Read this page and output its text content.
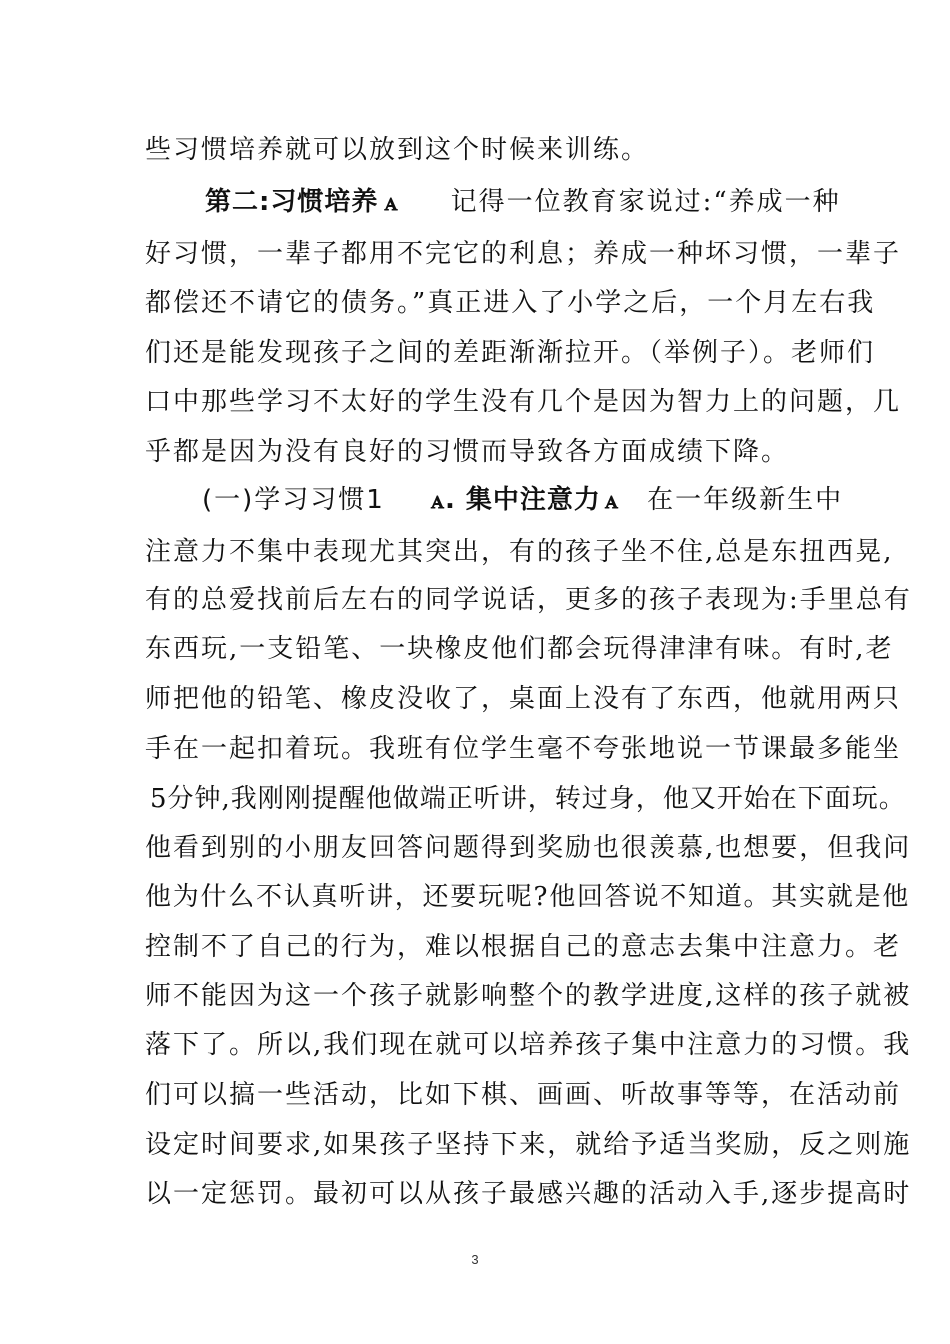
些习惯培养就可以放到这个时候来训练。
第二:习惯培养 ꭺ 记得一位教育家说过:“养成一种
好习惯，一辈子都用不完它的利息；养成一种坏习惯，一辈子
都偿还不请它的债务。”真正进入了小学之后，一个月左右我
们还是能发现孩子之间的差距渐渐拉开。（举例子）。老师们
口中那些学习不太好的学生没有几个是因为智力上的问题，几
乎都是因为没有良好的习惯而导致各方面成绩下降。
(一)学习习惯1 ꭺ. 集中注意力 ꭺ 在一年级新生中
注意力不集中表现尤其突出，有的孩子坐不住,总是东扭西晃,
有的总爱找前后左右的同学说话，更多的孩子表现为:手里总有
东西玩,一支铅笔、一块橡皮他们都会玩得津津有味。有时,老
师把他的铅笔、橡皮没收了，桌面上没有了东西，他就用两只
手在一起扣着玩。我班有位学生毫不夸张地说一节课最多能坐
5分钟,我刚刚提醒他做端正听讲，转过身，他又开始在下面玩。
他看到别的小朋友回答问题得到奖励也很羡慕,也想要，但我问
他为什么不认真听讲，还要玩呢?他回答说不知道。其实就是他
控制不了自己的行为，难以根据自己的意志去集中注意力。老
师不能因为这一个孩子就影响整个的教学进度,这样的孩子就被
落下了。所以,我们现在就可以培养孩子集中注意力的习惯。我
们可以搞一些活动，比如下棋、画画、听故事等等，在活动前
设定时间要求,如果孩子坚持下来，就给予适当奖励，反之则施
以一定惩罚。最初可以从孩子最感兴趣的活动入手,逐步提高时
3
